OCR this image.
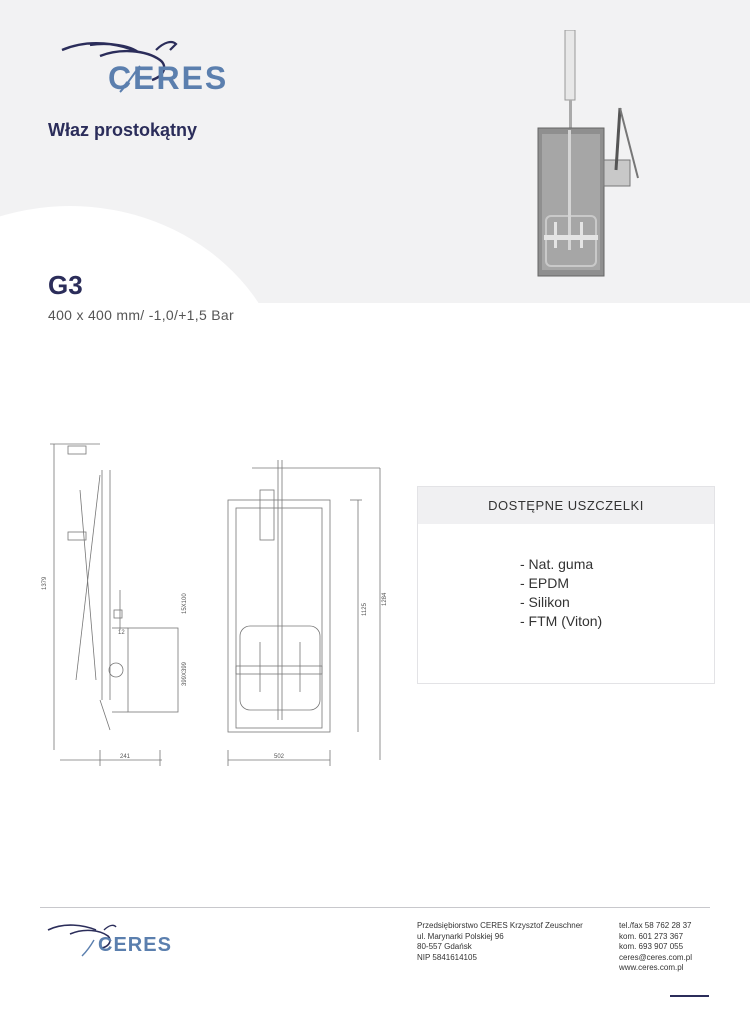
CERES
Właz prostokątny
G3
400 x 400 mm/ -1,0/+1,5 Bar
1379
15X100
12
399X399
241
1284
1125
502
DOSTĘPNE USZCZELKI
- Nat. guma
- EPDM
- Silikon
- FTM (Viton)
CERES
Przedsiębiorstwo CERES Krzysztof Zeuschner
ul. Marynarki Polskiej 96
80-557 Gdańsk
NIP 5841614105
tel./fax 58 762 28 37
kom. 601 273 367
kom. 693 907 055
ceres@ceres.com.pl
www.ceres.com.pl
